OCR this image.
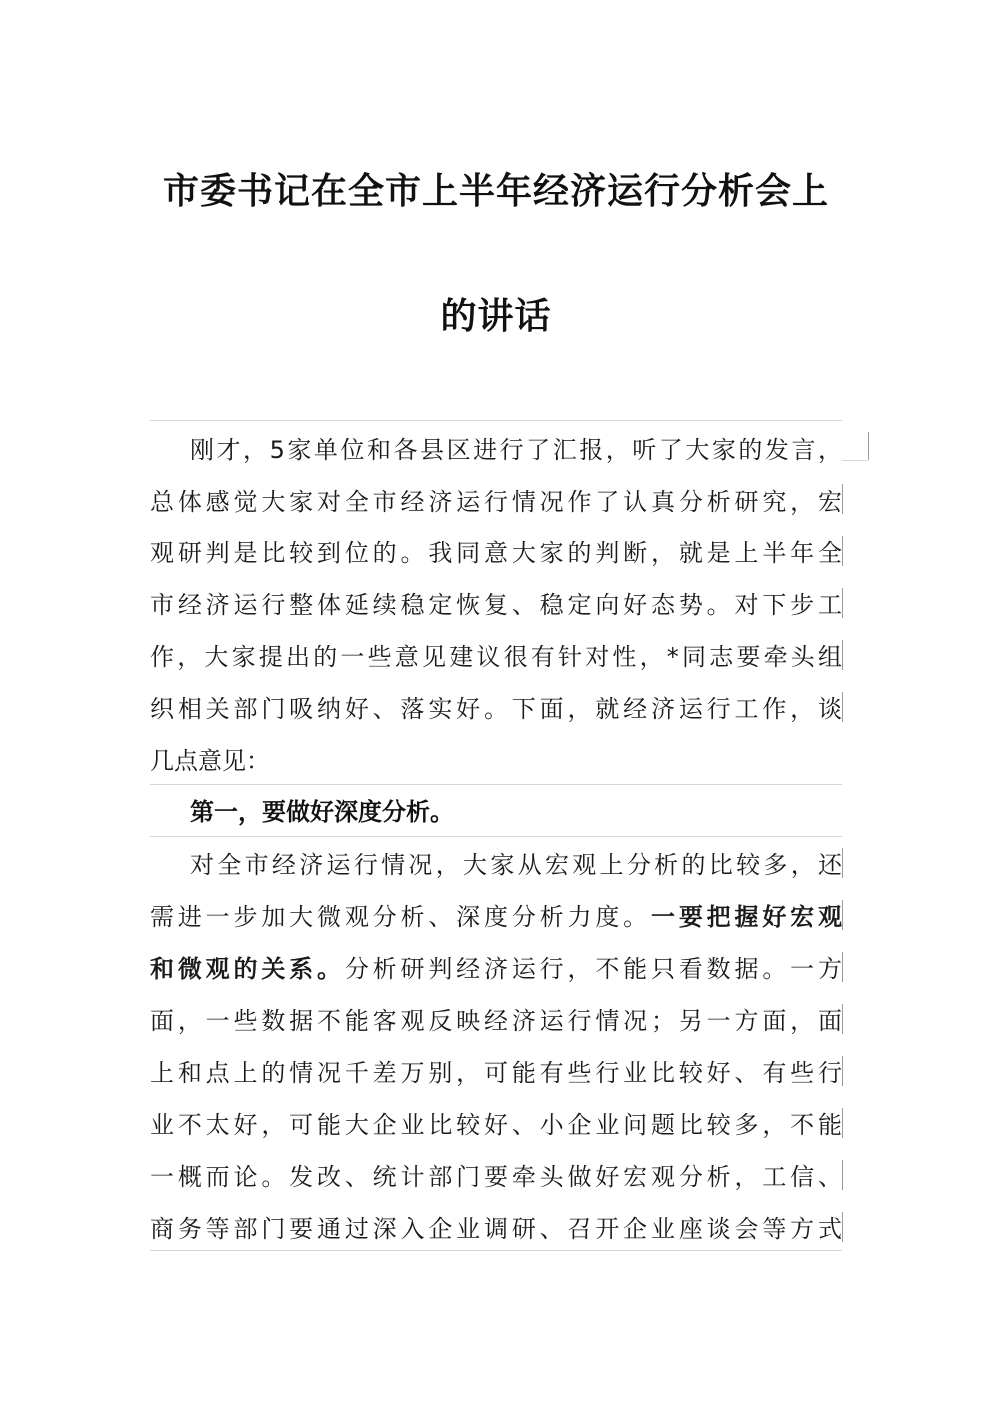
市委书记在全市上半年经济运行分析会上
的讲话
刚才，5家单位和各县区进行了汇报，听了大家的发言，
总体感觉大家对全市经济运行情况作了认真分析研究，宏
观研判是比较到位的。我同意大家的判断，就是上半年全
市经济运行整体延续稳定恢复、稳定向好态势。对下步工
作，大家提出的一些意见建议很有针对性，*同志要牵头组
织相关部门吸纳好、落实好。下面，就经济运行工作，谈
几点意见：
第一，要做好深度分析。
对全市经济运行情况，大家从宏观上分析的比较多，还
需进一步加大微观分析、深度分析力度。一要把握好宏观
和微观的关系。分析研判经济运行，不能只看数据。一方
面，一些数据不能客观反映经济运行情况；另一方面，面
上和点上的情况千差万别，可能有些行业比较好、有些行
业不太好，可能大企业比较好、小企业问题比较多，不能
一概而论。发改、统计部门要牵头做好宏观分析，工信、
商务等部门要通过深入企业调研、召开企业座谈会等方式
